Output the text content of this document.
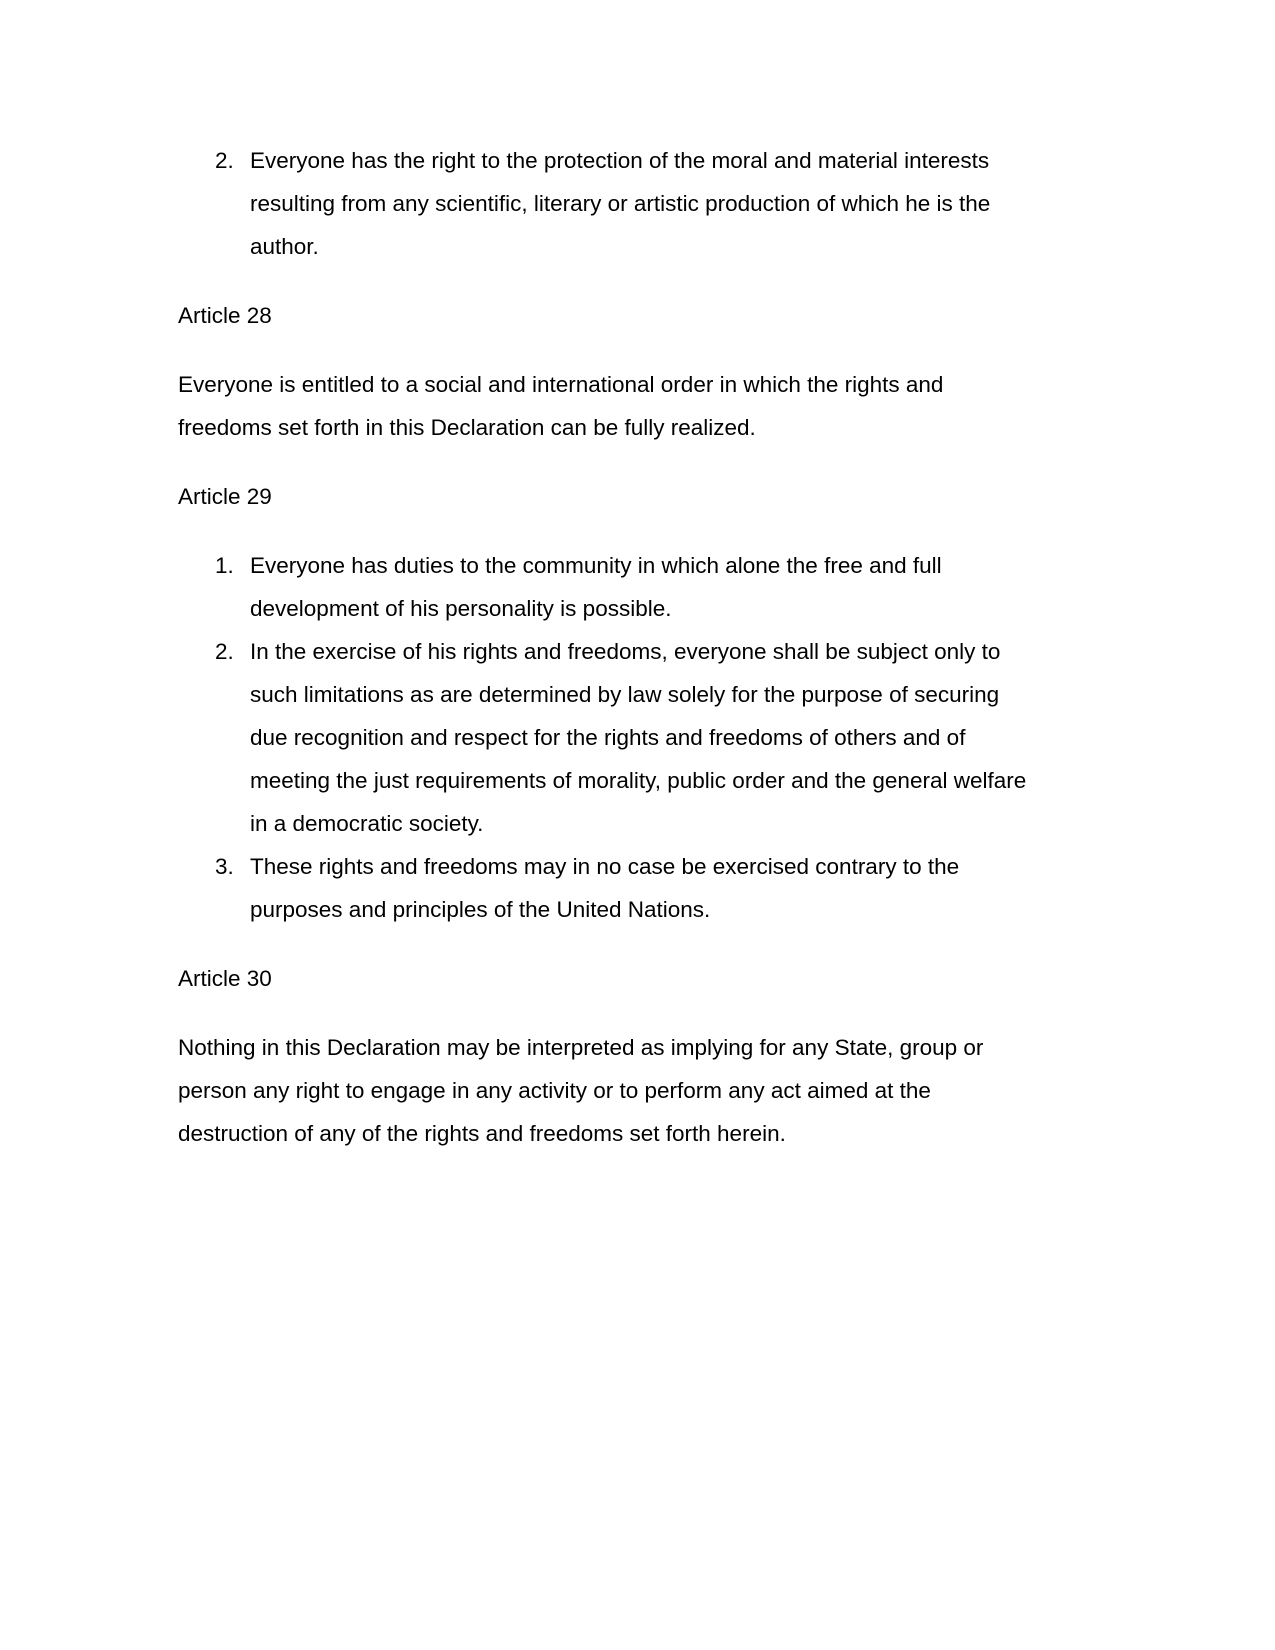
2. Everyone has the right to the protection of the moral and material interests resulting from any scientific, literary or artistic production of which he is the author.
Article 28

Everyone is entitled to a social and international order in which the rights and freedoms set forth in this Declaration can be fully realized.

Article 29
1. Everyone has duties to the community in which alone the free and full development of his personality is possible.
2. In the exercise of his rights and freedoms, everyone shall be subject only to such limitations as are determined by law solely for the purpose of securing due recognition and respect for the rights and freedoms of others and of meeting the just requirements of morality, public order and the general welfare in a democratic society.
3. These rights and freedoms may in no case be exercised contrary to the purposes and principles of the United Nations.
Article 30

Nothing in this Declaration may be interpreted as implying for any State, group or person any right to engage in any activity or to perform any act aimed at the destruction of any of the rights and freedoms set forth herein.
